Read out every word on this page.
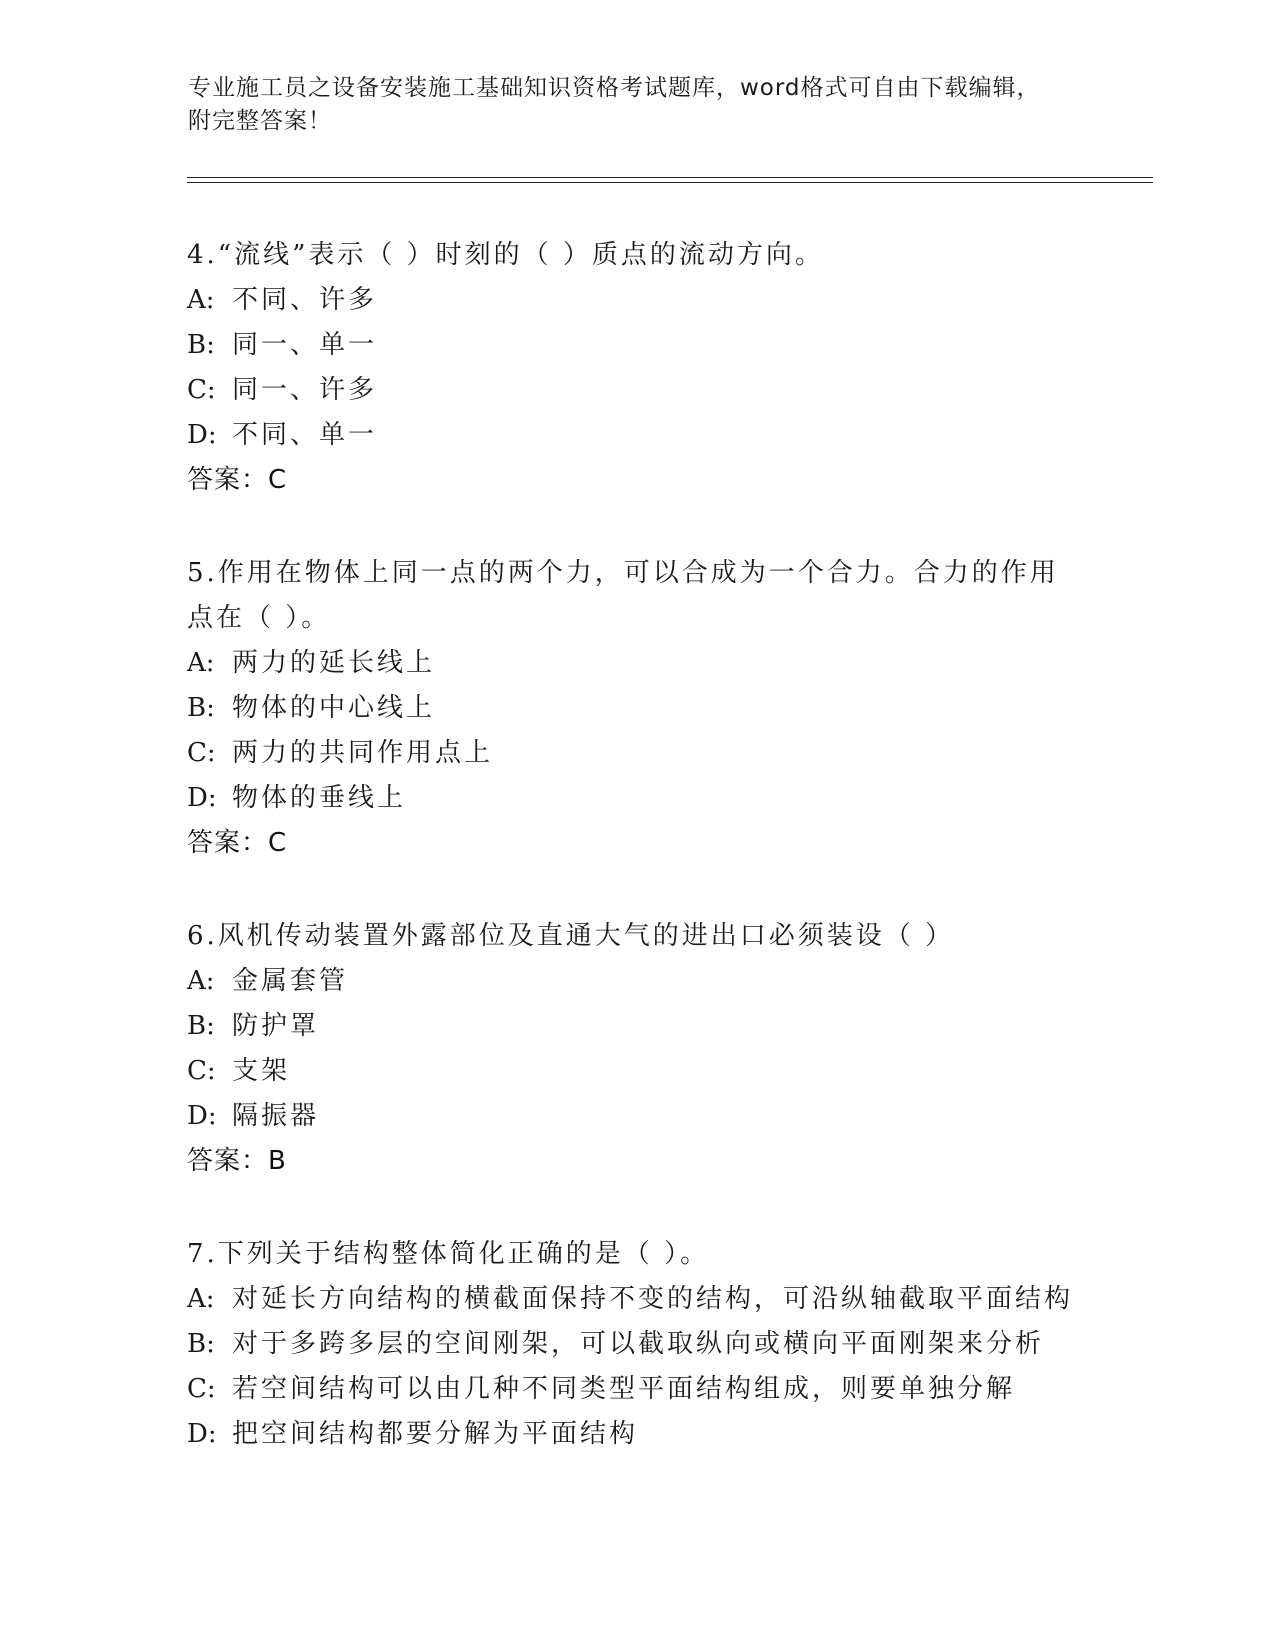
专业施工员之设备安装施工基础知识资格考试题库，word格式可自由下载编辑，
附完整答案！
4.“流线”表示（ ）时刻的（ ）质点的流动方向。
A: 不同、许多
B: 同一、单一
C: 同一、许多
D: 不同、单一
答案：C
5.作用在物体上同一点的两个力，可以合成为一个合力。合力的作用
点在（ ）。
A: 两力的延长线上
B: 物体的中心线上
C: 两力的共同作用点上
D: 物体的垂线上
答案：C
6.风机传动装置外露部位及直通大气的进出口必须装设（ ）
A: 金属套管
B: 防护罩
C: 支架
D: 隔振器
答案：B
7.下列关于结构整体简化正确的是（ ）。
A: 对延长方向结构的横截面保持不变的结构，可沿纵轴截取平面结构
B: 对于多跨多层的空间刚架，可以截取纵向或横向平面刚架来分析
C: 若空间结构可以由几种不同类型平面结构组成，则要单独分解
D: 把空间结构都要分解为平面结构
